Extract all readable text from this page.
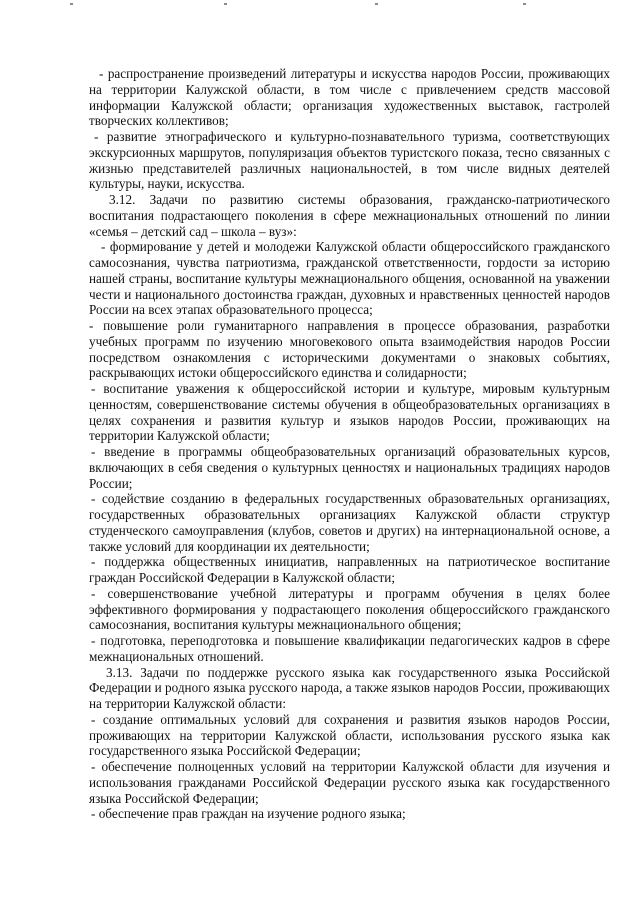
- распространение произведений литературы и искусства народов России, проживающих на территории Калужской области, в том числе с привлечением средств массовой информации Калужской области; организация художественных выставок, гастролей творческих коллективов;

- развитие этнографического и культурно-познавательного туризма, соответствующих экскурсионных маршрутов, популяризация объектов туристского показа, тесно связанных с жизнью представителей различных национальностей, в том числе видных деятелей культуры, науки, искусства.

3.12. Задачи по развитию системы образования, гражданско-патриотического воспитания подрастающего поколения в сфере межнациональных отношений по линии «семья – детский сад – школа – вуз»:

- формирование у детей и молодежи Калужской области общероссийского гражданского самосознания, чувства патриотизма, гражданской ответственности, гордости за историю нашей страны, воспитание культуры межнационального общения, основанной на уважении чести и национального достоинства граждан, духовных и нравственных ценностей народов России на всех этапах образовательного процесса;

- повышение роли гуманитарного направления в процессе образования, разработки учебных программ по изучению многовекового опыта взаимодействия народов России посредством ознакомления с историческими документами о знаковых событиях, раскрывающих истоки общероссийского единства и солидарности;

- воспитание уважения к общероссийской истории и культуре, мировым культурным ценностям, совершенствование системы обучения в общеобразовательных организациях в целях сохранения и развития культур и языков народов России, проживающих на территории Калужской области;

- введение в программы общеобразовательных организаций образовательных курсов, включающих в себя сведения о культурных ценностях и национальных традициях народов России;

- содействие созданию в федеральных государственных образовательных организациях, государственных образовательных организациях Калужской области структур студенческого самоуправления (клубов, советов и других) на интернациональной основе, а также условий для координации их деятельности;

- поддержка общественных инициатив, направленных на патриотическое воспитание граждан Российской Федерации в Калужской области;

- совершенствование учебной литературы и программ обучения в целях более эффективного формирования у подрастающего поколения общероссийского гражданского самосознания, воспитания культуры межнационального общения;

- подготовка, переподготовка и повышение квалификации педагогических кадров в сфере межнациональных отношений.

3.13. Задачи по поддержке русского языка как государственного языка Российской Федерации и родного языка русского народа, а также языков народов России, проживающих на территории Калужской области:

- создание оптимальных условий для сохранения и развития языков народов России, проживающих на территории Калужской области, использования русского языка как государственного языка Российской Федерации;

- обеспечение полноценных условий на территории Калужской области для изучения и использования гражданами Российской Федерации русского языка как государственного языка Российской Федерации;

- обеспечение прав граждан на изучение родного языка;
